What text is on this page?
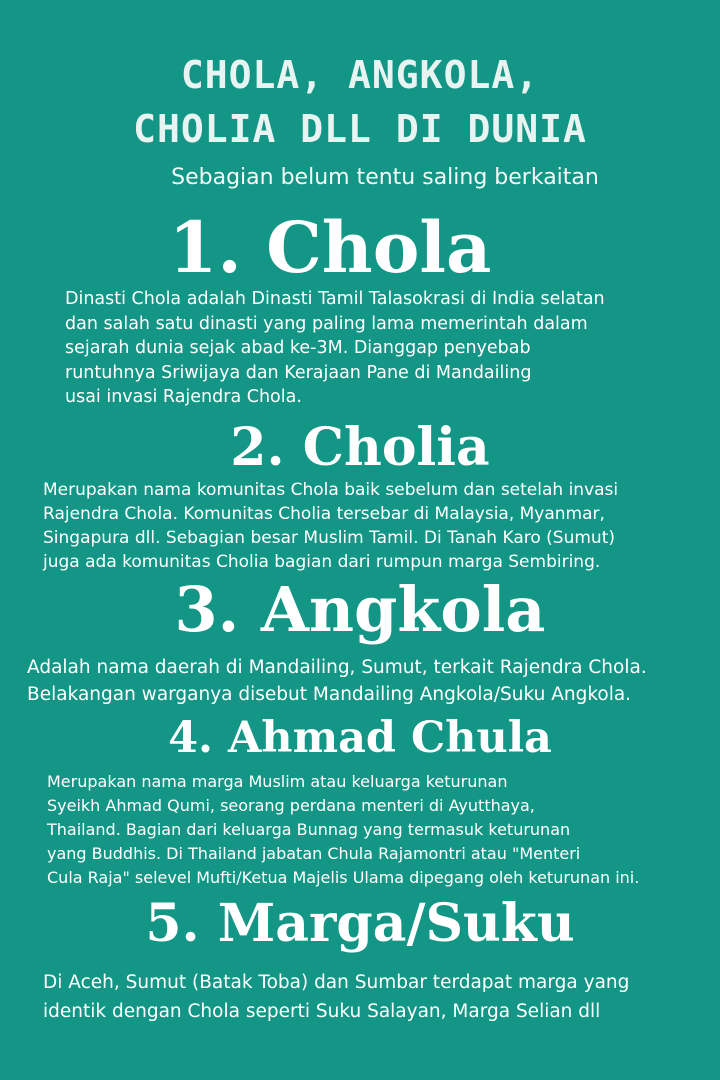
CHOLA, ANGKOLA,
CHOLIA DLL DI DUNIA
Sebagian belum tentu saling berkaitan
1. Chola
Dinasti Chola adalah Dinasti Tamil Talasokrasi di India selatan
dan salah satu dinasti yang paling lama memerintah dalam
sejarah dunia sejak abad ke-3M. Dianggap penyebab
runtuhnya Sriwijaya dan Kerajaan Pane di Mandailing
usai invasi Rajendra Chola.
2. Cholia
Merupakan nama komunitas Chola baik sebelum dan setelah invasi
Rajendra Chola. Komunitas Cholia tersebar di Malaysia, Myanmar,
Singapura dll. Sebagian besar Muslim Tamil. Di Tanah Karo (Sumut)
juga ada komunitas Cholia bagian dari rumpun marga Sembiring.
3. Angkola
Adalah nama daerah di Mandailing, Sumut, terkait Rajendra Chola.
Belakangan warganya disebut Mandailing Angkola/Suku Angkola.
4. Ahmad Chula
Merupakan nama marga Muslim atau keluarga keturunan
Syeikh Ahmad Qumi, seorang perdana menteri di Ayutthaya,
Thailand. Bagian dari keluarga Bunnag yang termasuk keturunan
yang Buddhis. Di Thailand jabatan Chula Rajamontri atau "Menteri
Cula Raja" selevel Mufti/Ketua Majelis Ulama dipegang oleh keturunan ini.
5. Marga/Suku
Di Aceh, Sumut (Batak Toba) dan Sumbar terdapat marga yang
identik dengan Chola seperti Suku Salayan, Marga Selian dll
